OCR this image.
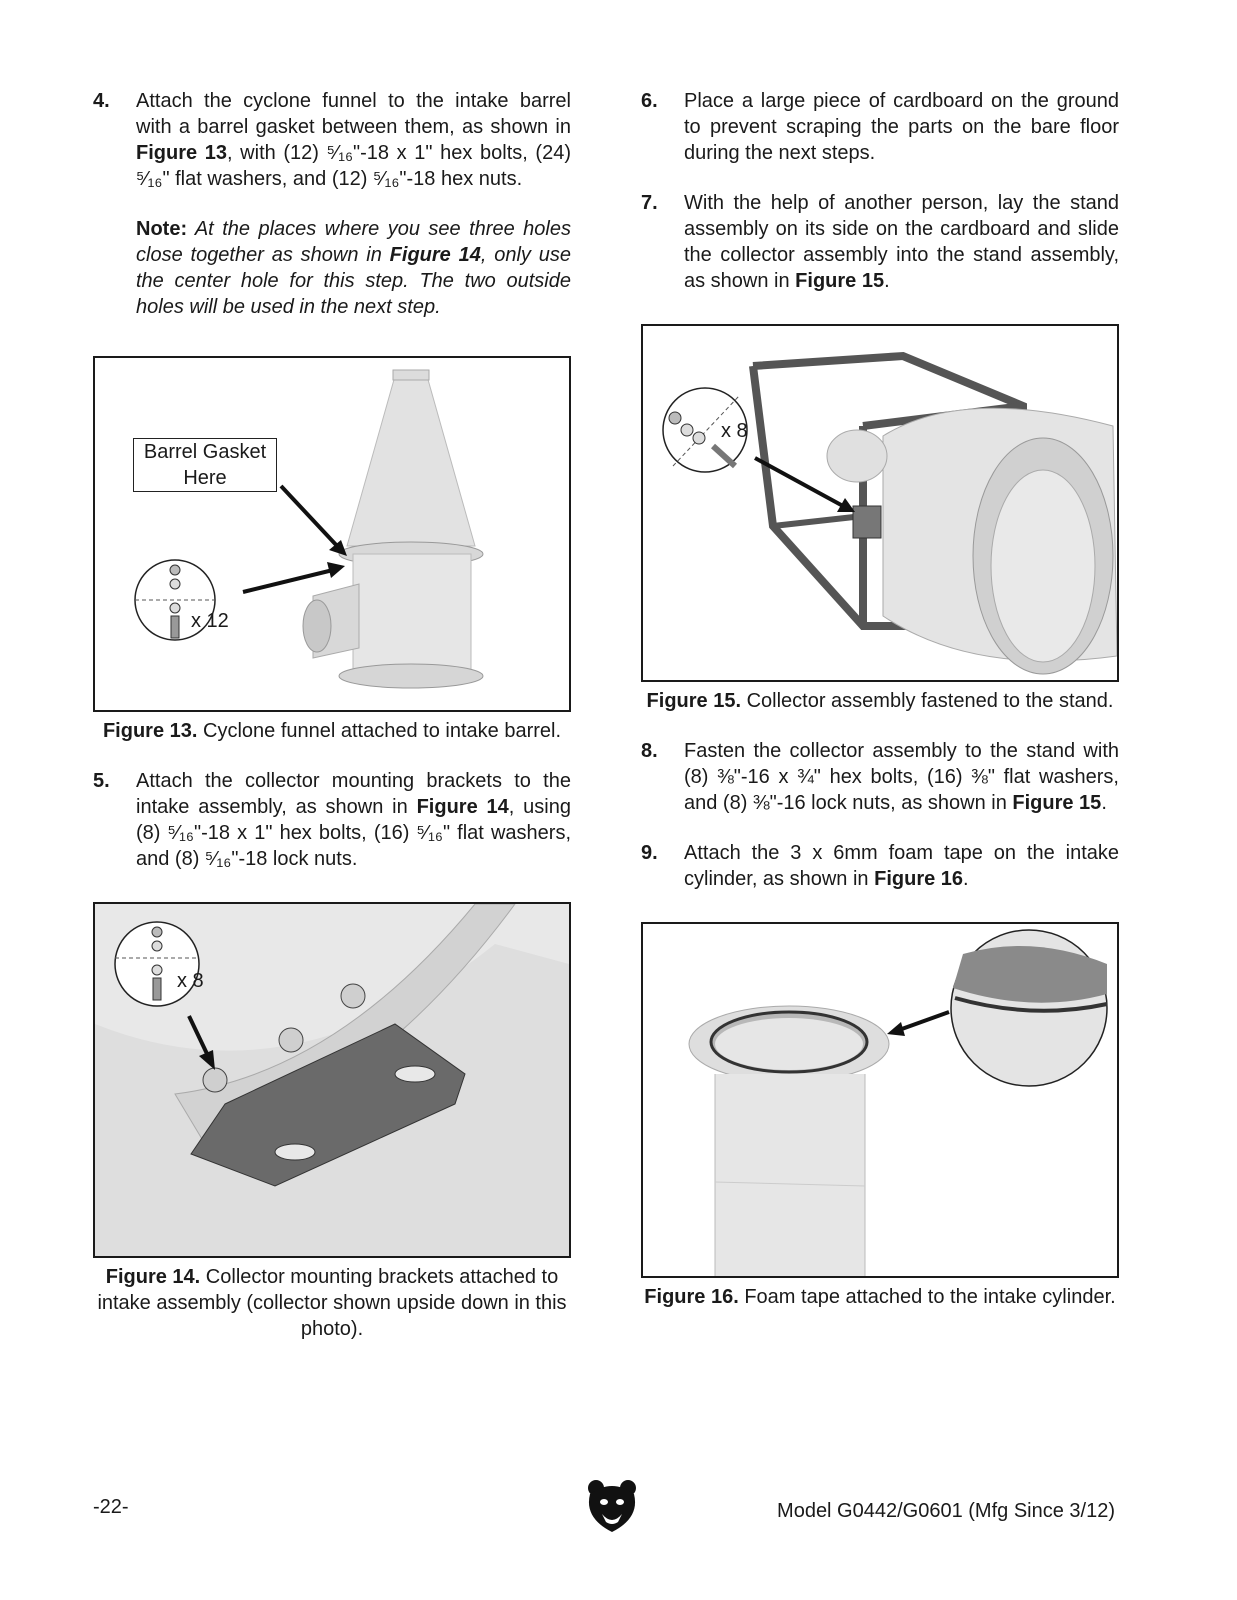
4. Attach the cyclone funnel to the intake barrel with a barrel gasket between them, as shown in Figure 13, with (12) ⁵⁄₁₆"-18 x 1" hex bolts, (24) ⁵⁄₁₆" flat washers, and (12) ⁵⁄₁₆"-18 hex nuts.
Note: At the places where you see three holes close together as shown in Figure 14, only use the center hole for this step. The two outside holes will be used in the next step.
Barrel Gasket
Here
x 12
Figure 13. Cyclone funnel attached to intake barrel.
5. Attach the collector mounting brackets to the intake assembly, as shown in Figure 14, using (8) ⁵⁄₁₆"-18 x 1" hex bolts, (16) ⁵⁄₁₆" flat washers, and (8) ⁵⁄₁₆"-18 lock nuts.
x 8
Figure 14. Collector mounting brackets attached to intake assembly (collector shown upside down in this photo).
6. Place a large piece of cardboard on the ground to prevent scraping the parts on the bare floor during the next steps.
7. With the help of another person, lay the stand assembly on its side on the cardboard and slide the collector assembly into the stand assembly, as shown in Figure 15.
x 8
Figure 15. Collector assembly fastened to the stand.
8. Fasten the collector assembly to the stand with (8) ⅜"-16 x ¾" hex bolts, (16) ⅜" flat washers, and (8) ⅜"-16 lock nuts, as shown in Figure 15.
9. Attach the 3 x 6mm foam tape on the intake cylinder, as shown in Figure 16.
Figure 16. Foam tape attached to the intake cylinder.
-22-	Model G0442/G0601 (Mfg Since 3/12)
